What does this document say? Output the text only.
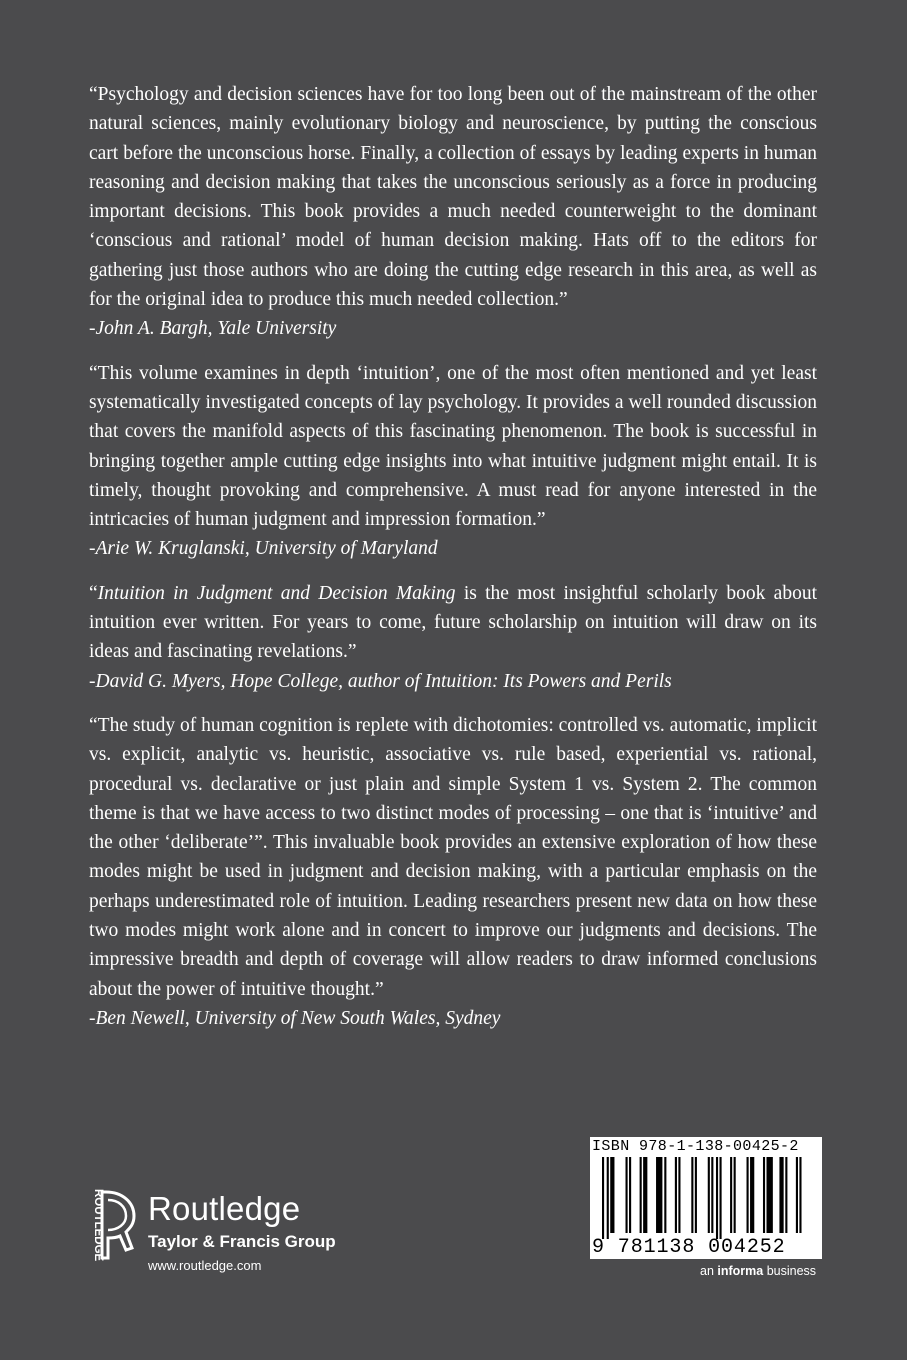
“Psychology and decision sciences have for too long been out of the mainstream of the other natural sciences, mainly evolutionary biology and neuroscience, by putting the conscious cart before the unconscious horse. Finally, a collection of essays by leading experts in human reasoning and decision making that takes the unconscious seriously as a force in producing important decisions. This book provides a much needed counterweight to the dominant ‘conscious and rational’ model of human decision making. Hats off to the editors for gathering just those authors who are doing the cutting edge research in this area, as well as for the original idea to produce this much needed collection.”

-John A. Bargh, Yale University

“This volume examines in depth ‘intuition’, one of the most often mentioned and yet least systematically investigated concepts of lay psychology. It provides a well rounded discussion that covers the manifold aspects of this fascinating phenomenon. The book is successful in bringing together ample cutting edge insights into what intuitive judgment might entail. It is timely, thought provoking and comprehensive. A must read for anyone interested in the intricacies of human judgment and impression formation.”

-Arie W. Kruglanski, University of Maryland

“Intuition in Judgment and Decision Making is the most insightful scholarly book about intuition ever written. For years to come, future scholarship on intuition will draw on its ideas and fascinating revelations.”

-David G. Myers, Hope College, author of Intuition: Its Powers and Perils

“The study of human cognition is replete with dichotomies: controlled vs. automatic, implicit vs. explicit, analytic vs. heuristic, associative vs. rule based, experiential vs. rational, procedural vs. declarative or just plain and simple System 1 vs. System 2. The common theme is that we have access to two distinct modes of processing – one that is ‘intuitive’ and the other ‘deliberate’”. This invaluable book provides an extensive exploration of how these modes might be used in judgment and decision making, with a particular emphasis on the perhaps underestimated role of intuition. Leading researchers present new data on how these two modes might work alone and in concert to improve our judgments and decisions. The impressive breadth and depth of coverage will allow readers to draw informed conclusions about the power of intuitive thought.”

-Ben Newell, University of New South Wales, Sydney

ROUTLEDGE Routledge
Taylor & Francis Group
www.routledge.com
ISBN 978-1-138-00425-2
9 781138 004252
an informa business
